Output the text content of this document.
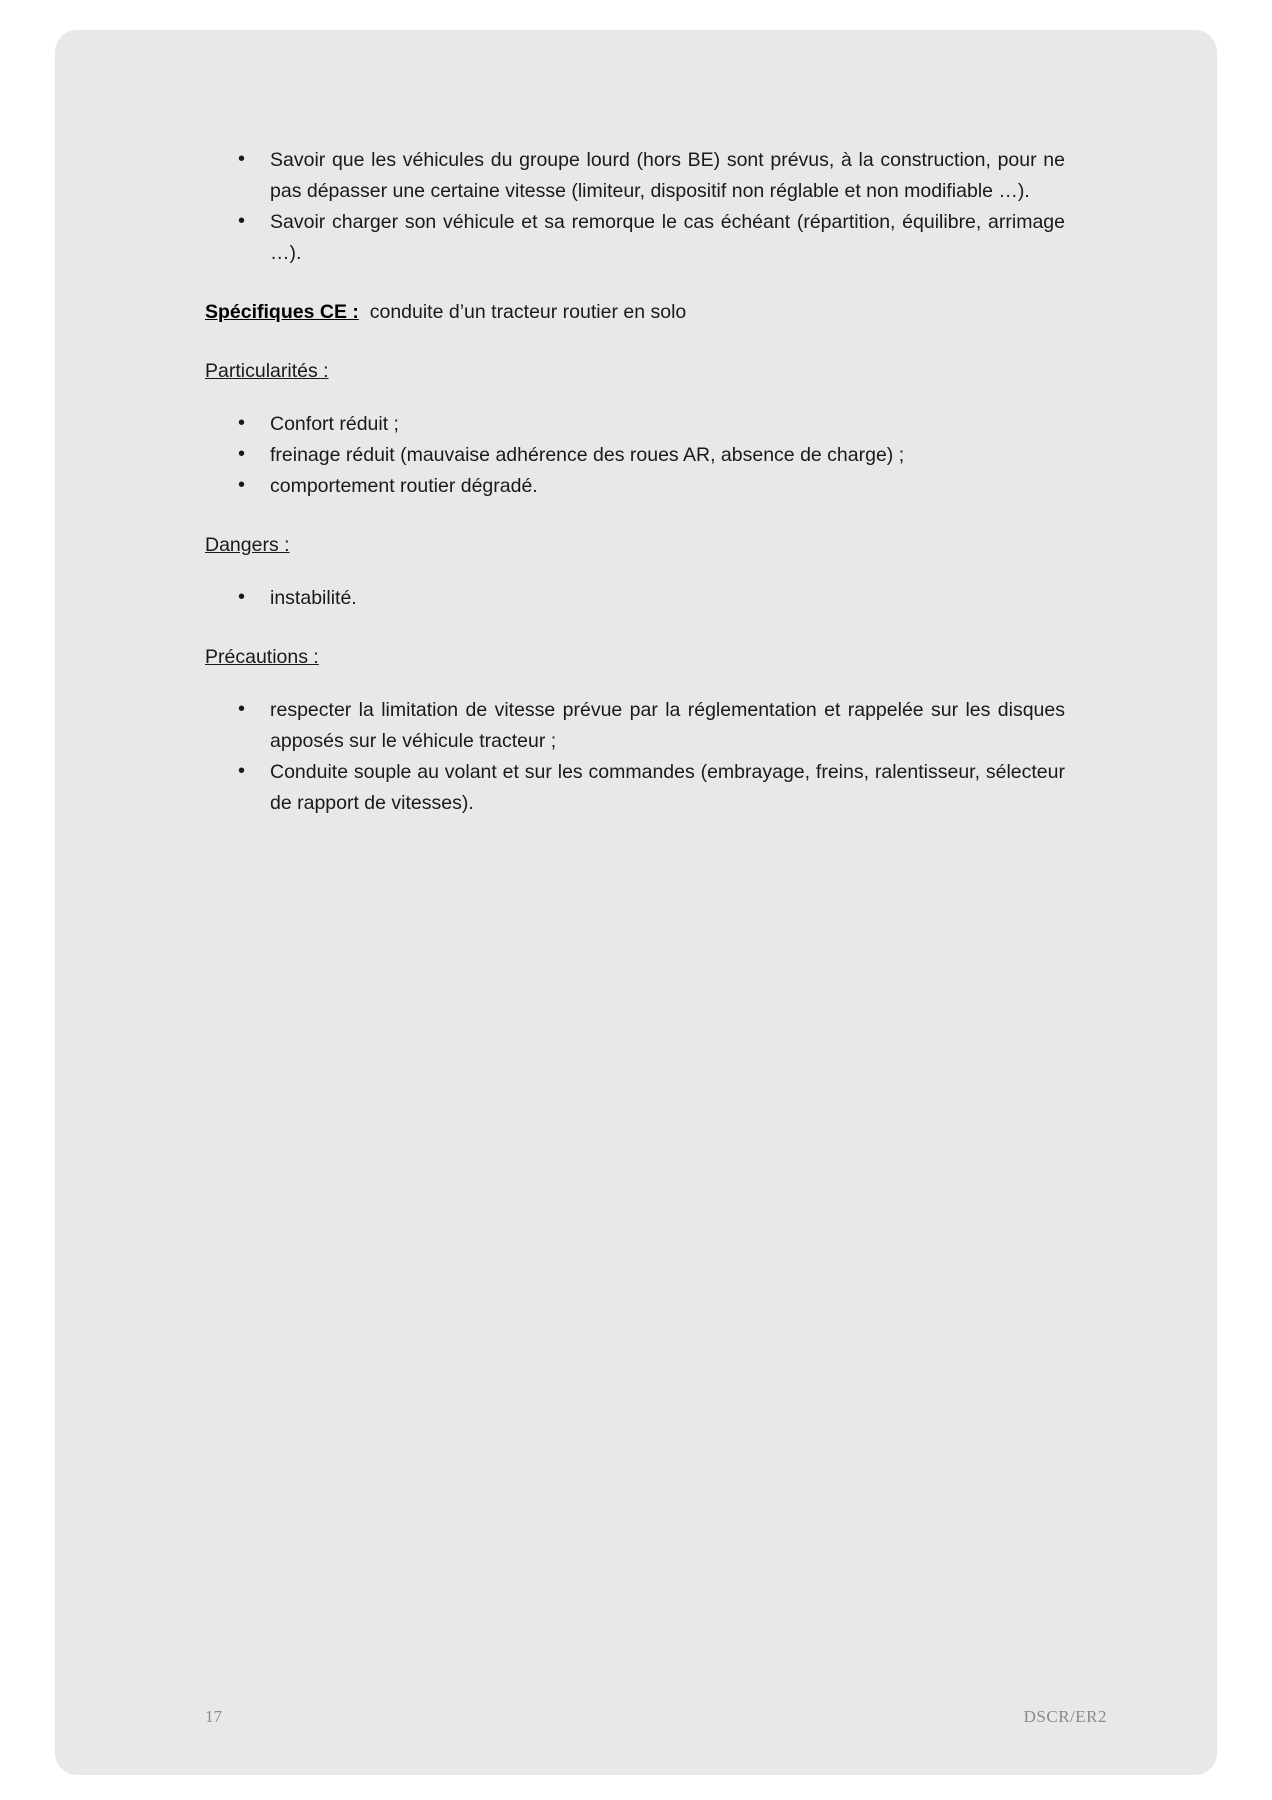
• Savoir que les véhicules du groupe lourd (hors BE) sont prévus, à la construction, pour ne pas dépasser une certaine vitesse (limiteur, dispositif non réglable et non modifiable …).
• Savoir charger son véhicule et sa remorque le cas échéant (répartition, équilibre, arrimage …).

Spécifiques CE : conduite d’un tracteur routier en solo

Particularités :

• Confort réduit ;
• freinage réduit (mauvaise adhérence des roues AR, absence de charge) ;
• comportement routier dégradé.

Dangers :

• instabilité.

Précautions :

• respecter la limitation de vitesse prévue par la réglementation et rappelée sur les disques apposés sur le véhicule tracteur ;
• Conduite souple au volant et sur les commandes (embrayage, freins, ralentisseur, sélecteur de rapport de vitesses).
17	DSCR/ER2
